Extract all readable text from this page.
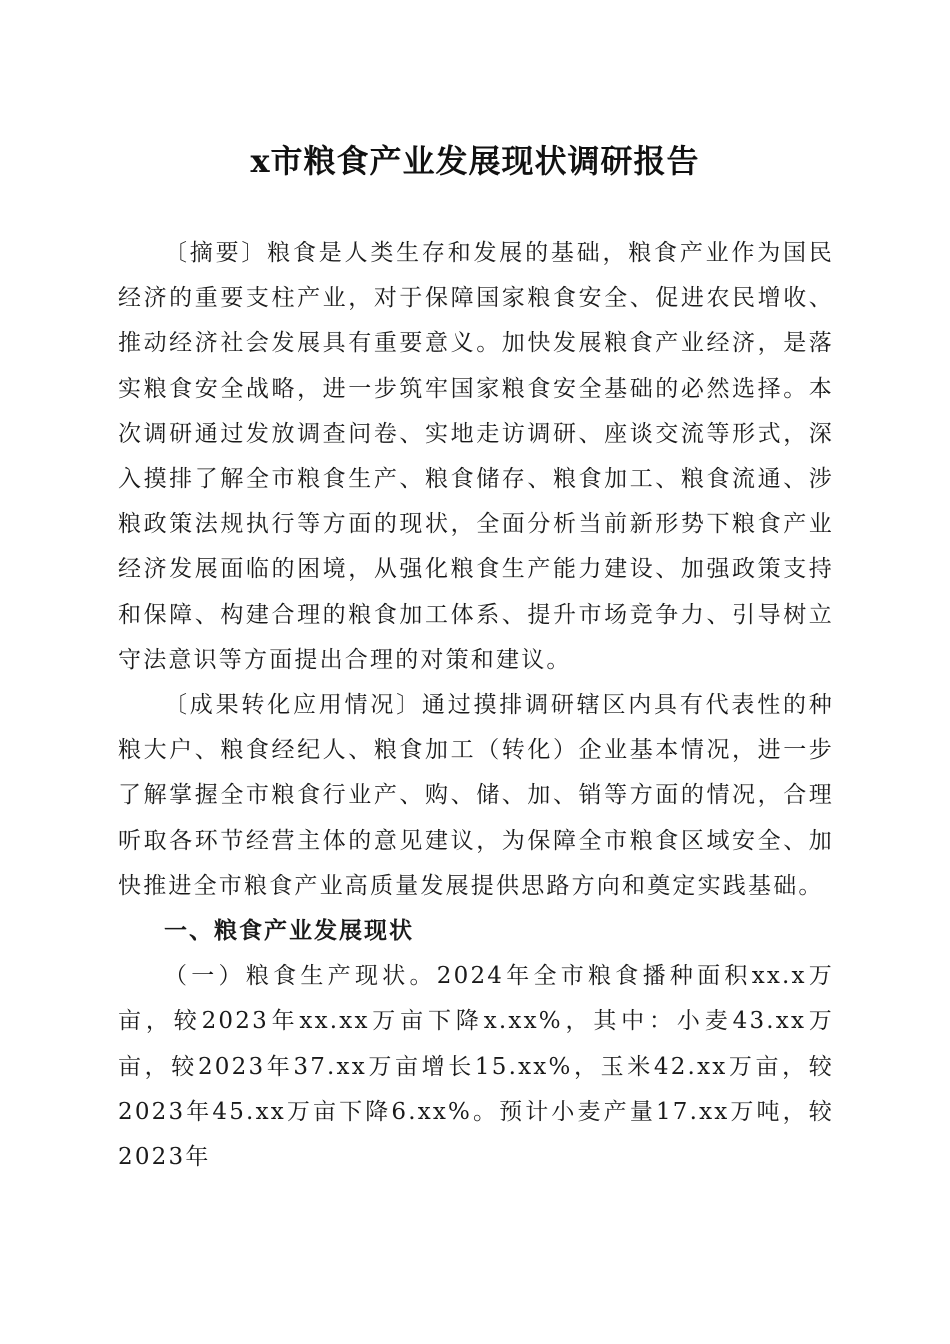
x市粮食产业发展现状调研报告

〔摘要〕粮食是人类生存和发展的基础，粮食产业作为国民经济的重要支柱产业，对于保障国家粮食安全、促进农民增收、推动经济社会发展具有重要意义。加快发展粮食产业经济，是落实粮食安全战略，进一步筑牢国家粮食安全基础的必然选择。本次调研通过发放调查问卷、实地走访调研、座谈交流等形式，深入摸排了解全市粮食生产、粮食储存、粮食加工、粮食流通、涉粮政策法规执行等方面的现状，全面分析当前新形势下粮食产业经济发展面临的困境，从强化粮食生产能力建设、加强政策支持和保障、构建合理的粮食加工体系、提升市场竞争力、引导树立守法意识等方面提出合理的对策和建议。

〔成果转化应用情况〕通过摸排调研辖区内具有代表性的种粮大户、粮食经纪人、粮食加工（转化）企业基本情况，进一步了解掌握全市粮食行业产、购、储、加、销等方面的情况，合理听取各环节经营主体的意见建议，为保障全市粮食区域安全、加快推进全市粮食产业高质量发展提供思路方向和奠定实践基础。

一、粮食产业发展现状

（一）粮食生产现状。2024年全市粮食播种面积xx.x万亩，较2023年xx.xx万亩下降x.xx%，其中：小麦43.xx万亩，较2023年37.xx万亩增长15.xx%，玉米42.xx万亩，较2023年45.xx万亩下降6.xx%。预计小麦产量17.xx万吨，较2023年
